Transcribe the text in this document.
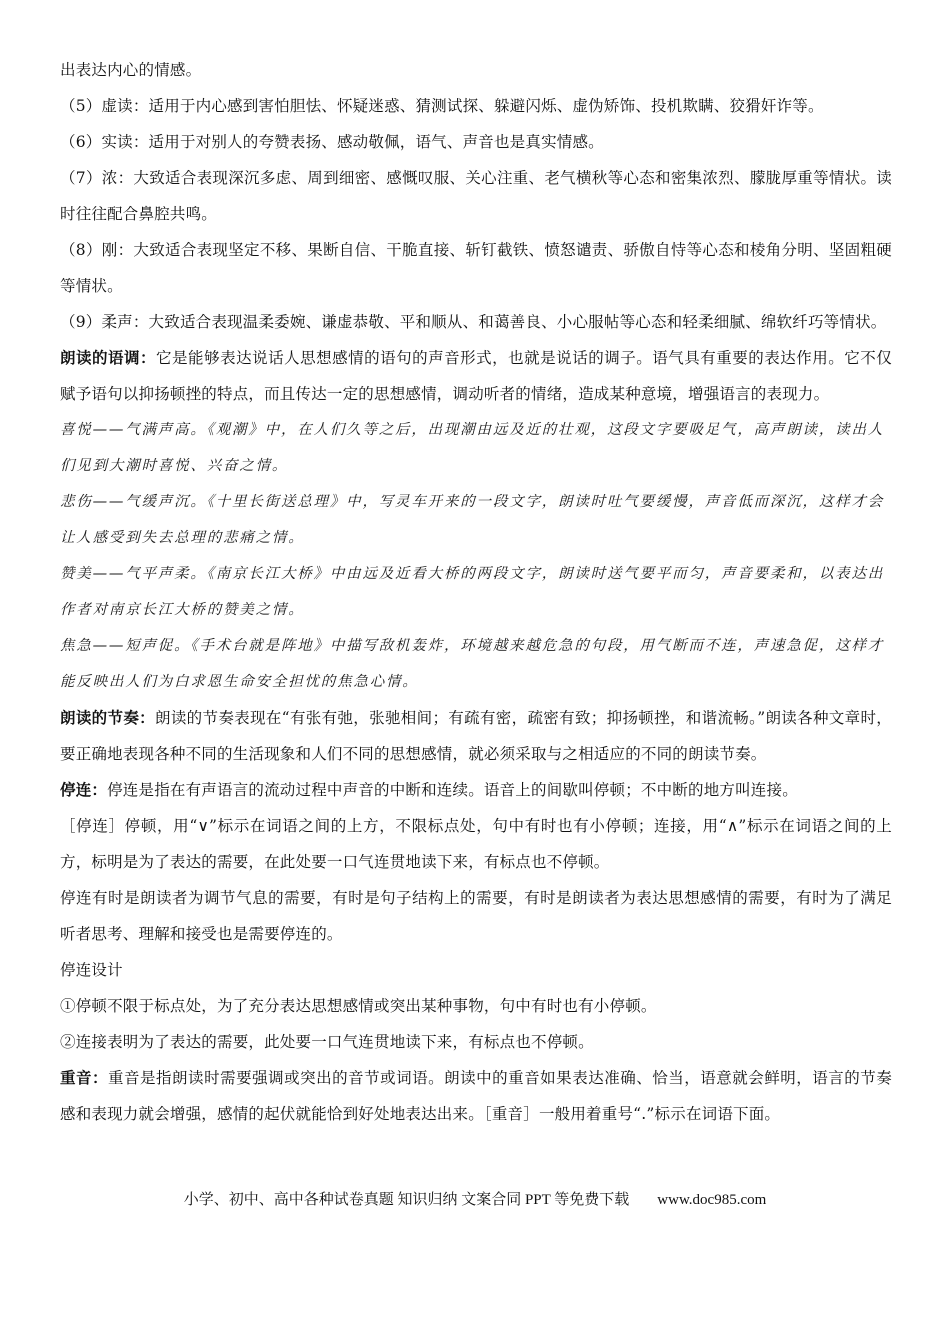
出表达内心的情感。
（5）虚读：适用于内心感到害怕胆怯、怀疑迷惑、猜测试探、躲避闪烁、虚伪矫饰、投机欺瞒、狡猾奸诈等。
（6）实读：适用于对别人的夸赞表扬、感动敬佩，语气、声音也是真实情感。
（7）浓：大致适合表现深沉多虑、周到细密、感慨叹服、关心注重、老气横秋等心态和密集浓烈、朦胧厚重等情状。读时往往配合鼻腔共鸣。
（8）刚：大致适合表现坚定不移、果断自信、干脆直接、斩钉截铁、愤怒谴责、骄傲自恃等心态和棱角分明、坚固粗硬等情状。
（9）柔声：大致适合表现温柔委婉、谦虚恭敬、平和顺从、和蔼善良、小心服帖等心态和轻柔细腻、绵软纤巧等情状。
朗读的语调：它是能够表达说话人思想感情的语句的声音形式，也就是说话的调子。语气具有重要的表达作用。它不仅赋予语句以抑扬顿挫的特点，而且传达一定的思想感情，调动听者的情绪，造成某种意境，增强语言的表现力。
喜悦——气满声高。《观潮》中，在人们久等之后，出现潮由远及近的壮观，这段文字要吸足气，高声朗读，读出人们见到大潮时喜悦、兴奋之情。
悲伤——气缓声沉。《十里长街送总理》中，写灵车开来的一段文字，朗读时吐气要缓慢，声音低而深沉，这样才会让人感受到失去总理的悲痛之情。
赞美——气平声柔。《南京长江大桥》中由远及近看大桥的两段文字，朗读时送气要平而匀，声音要柔和，以表达出作者对南京长江大桥的赞美之情。
焦急——短声促。《手术台就是阵地》中描写敌机轰炸，环境越来越危急的句段，用气断而不连，声速急促，这样才能反映出人们为白求恩生命安全担忧的焦急心情。
朗读的节奏：朗读的节奏表现在“有张有弛，张驰相间；有疏有密，疏密有致；抑扬顿挫，和谐流畅。”朗读各种文章时，要正确地表现各种不同的生活现象和人们不同的思想感情，就必须采取与之相适应的不同的朗读节奏。
停连：停连是指在有声语言的流动过程中声音的中断和连续。语音上的间歇叫停顿；不中断的地方叫连接。
［停连］停顿，用“∨”标示在词语之间的上方，不限标点处，句中有时也有小停顿；连接，用“∧”标示在词语之间的上方，标明是为了表达的需要，在此处要一口气连贯地读下来，有标点也不停顿。
停连有时是朗读者为调节气息的需要，有时是句子结构上的需要，有时是朗读者为表达思想感情的需要，有时为了满足听者思考、理解和接受也是需要停连的。
停连设计
①停顿不限于标点处，为了充分表达思想感情或突出某种事物，句中有时也有小停顿。
②连接表明为了表达的需要，此处要一口气连贯地读下来，有标点也不停顿。
重音：重音是指朗读时需要强调或突出的音节或词语。朗读中的重音如果表达准确、恰当，语意就会鲜明，语言的节奏感和表现力就会增强，感情的起伏就能恰到好处地表达出来。［重音］一般用着重号“.”标示在词语下面。
小学、初中、高中各种试卷真题 知识归纳 文案合同 PPT 等免费下载 www.doc985.com
